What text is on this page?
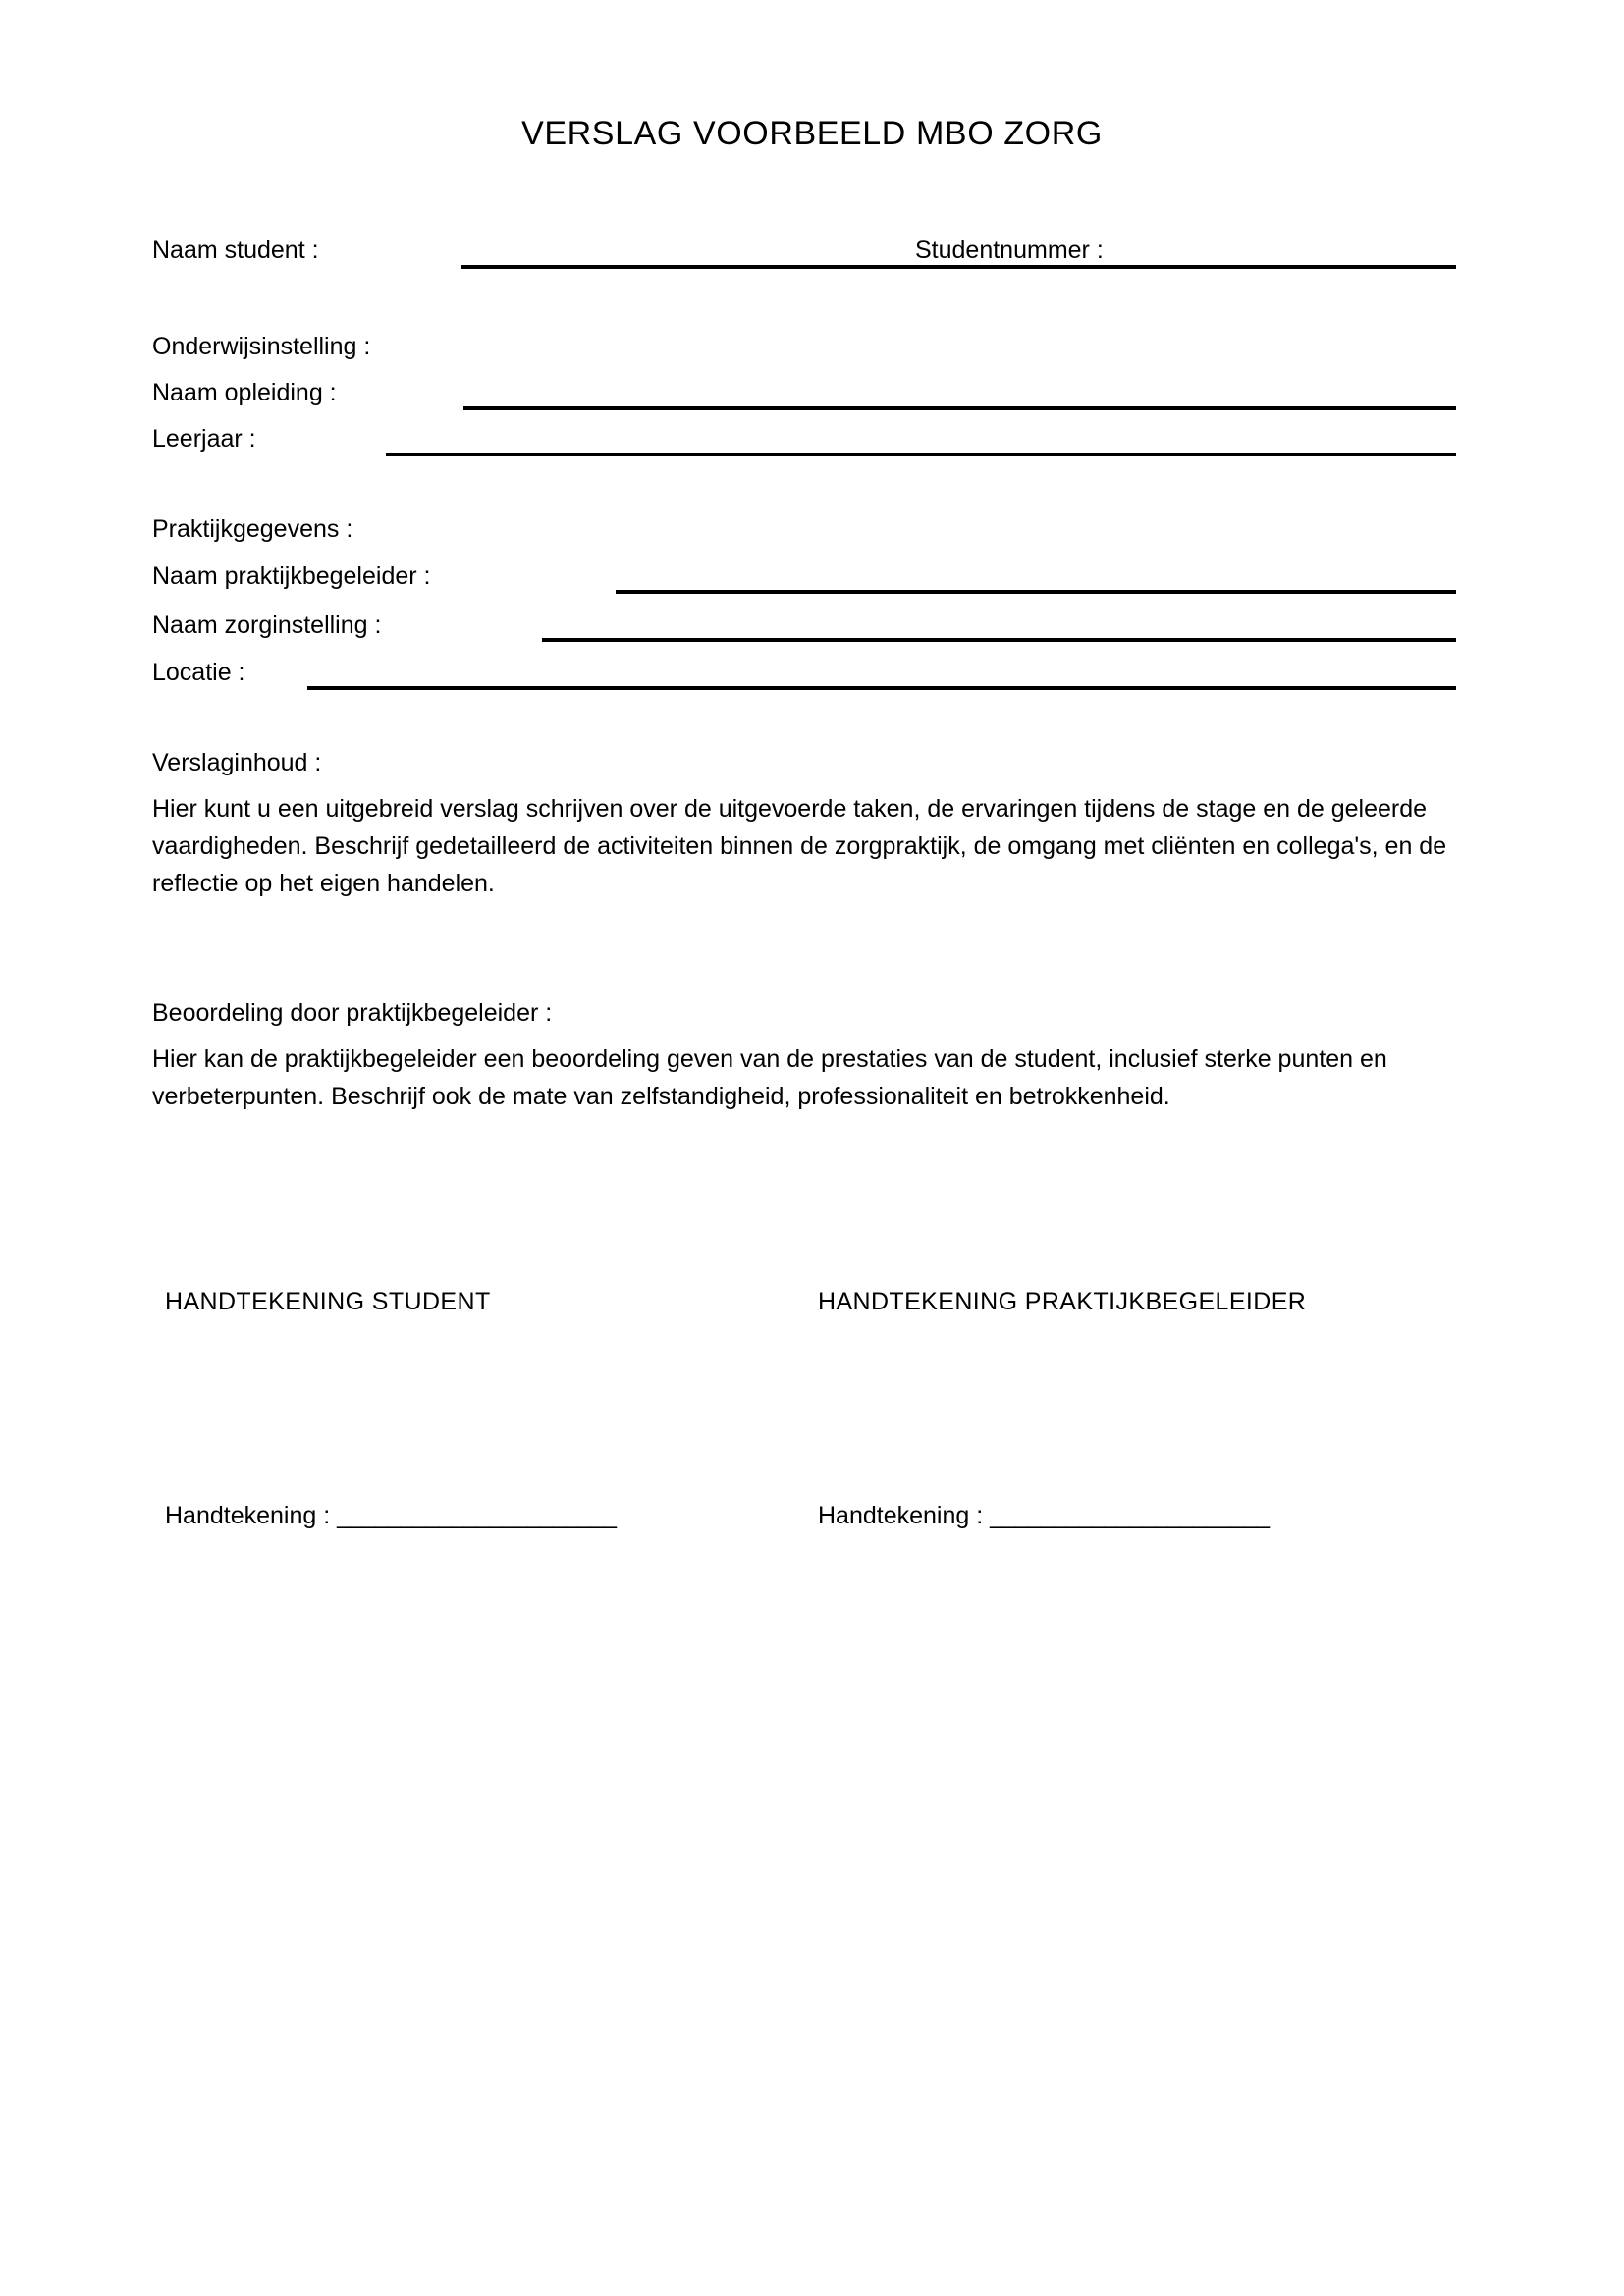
VERSLAG VOORBEELD MBO ZORG
Naam student :	Studentnummer :
Onderwijsinstelling :
Naam opleiding :
Leerjaar :
Praktijkgegevens :
Naam praktijkbegeleider :
Naam zorginstelling :
Locatie :
Verslaginhoud :
Hier kunt u een uitgebreid verslag schrijven over de uitgevoerde taken, de ervaringen tijdens de stage en de geleerde vaardigheden. Beschrijf gedetailleerd de activiteiten binnen de zorgpraktijk, de omgang met cliënten en collega's, en de reflectie op het eigen handelen.
Beoordeling door praktijkbegeleider :
Hier kan de praktijkbegeleider een beoordeling geven van de prestaties van de student, inclusief sterke punten en verbeterpunten. Beschrijf ook de mate van zelfstandigheid, professionaliteit en betrokkenheid.
HANDTEKENING STUDENT	HANDTEKENING PRAKTIJKBEGELEIDER
Handtekening : ______________________	Handtekening : ______________________
